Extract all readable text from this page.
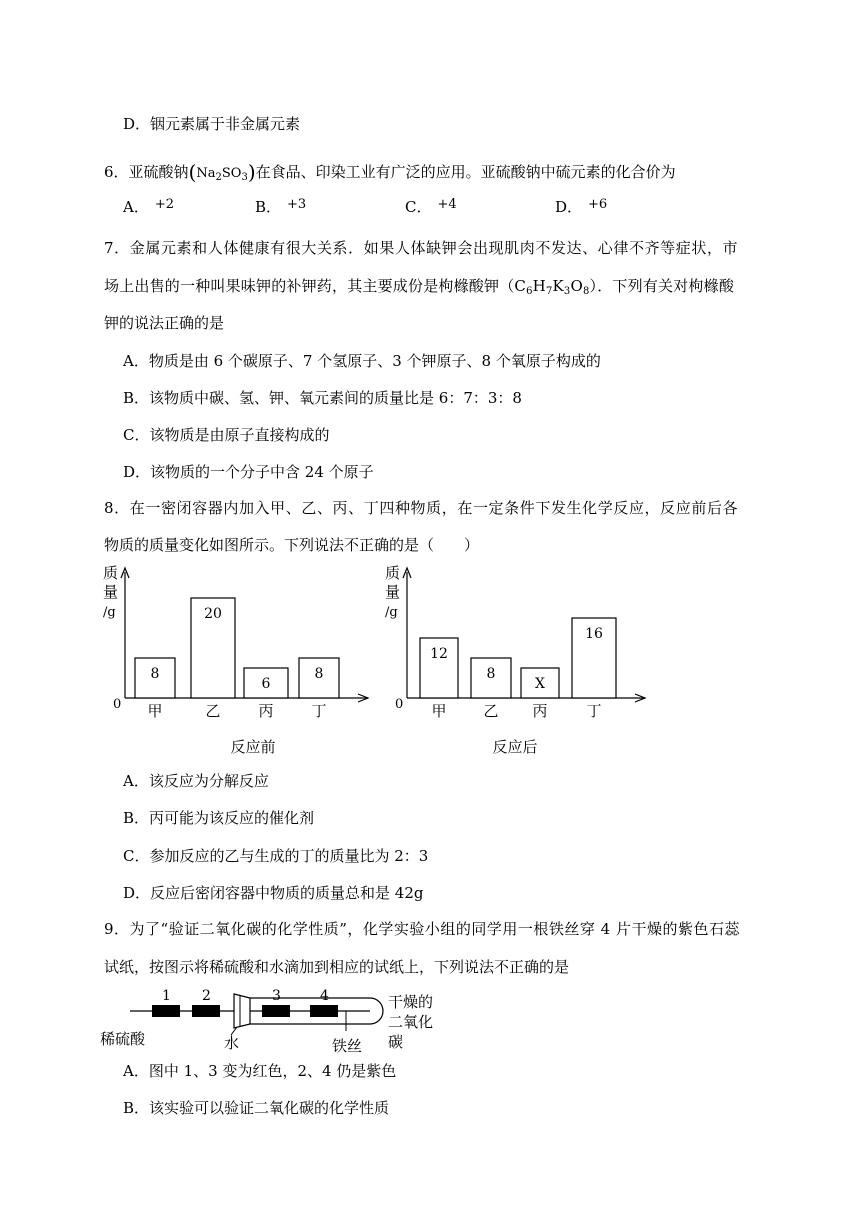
D．铟元素属于非金属元素
6．亚硫酸钠$(Na_2SO_3)$在食品、印染工业有广泛的应用。亚硫酸钠中硫元素的化合价为
A． +2	B． +3	C． +4	D． +6
7．金属元素和人体健康有很大关系．如果人体缺钾会出现肌肉不发达、心律不齐等症状，市
场上出售的一种叫果味钾的补钾药，其主要成份是枸橼酸钾$(C_6H_7K_3O_8)$．下列有关对枸橼酸
钾的说法正确的是
A．物质是由 6 个碳原子、7 个氢原子、3 个钾原子、8 个氧原子构成的
B．该物质中碳、氢、钾、氧元素间的质量比是 6：7：3：8
C．该物质是由原子直接构成的
D．该物质的一个分子中含 24 个原子
8．在一密闭容器内加入甲、乙、丙、丁四种物质，在一定条件下发生化学反应，反应前后各
物质的质量变化如图所示。下列说法不正确的是（　　）
质
量
/g
0
8
甲
20
乙
6
丙
8
丁
反应前
质
量
/g
0
12
甲
8
乙
X
丙
16
丁
反应后
A．该反应为分解反应
B．丙可能为该反应的催化剂
C．参加反应的乙与生成的丁的质量比为 2：3
D．反应后密闭容器中物质的质量总和是 42g
9．为了“验证二氧化碳的化学性质”，化学实验小组的同学用一根铁丝穿 4 片干燥的紫色石蕊
试纸，按图示将稀硫酸和水滴加到相应的试纸上，下列说法不正确的是
1 2	3	4
稀硫酸	水	铁丝
干燥的
二氧化
碳
A．图中 1、3 变为红色，2、4 仍是紫色
B．该实验可以验证二氧化碳的化学性质
